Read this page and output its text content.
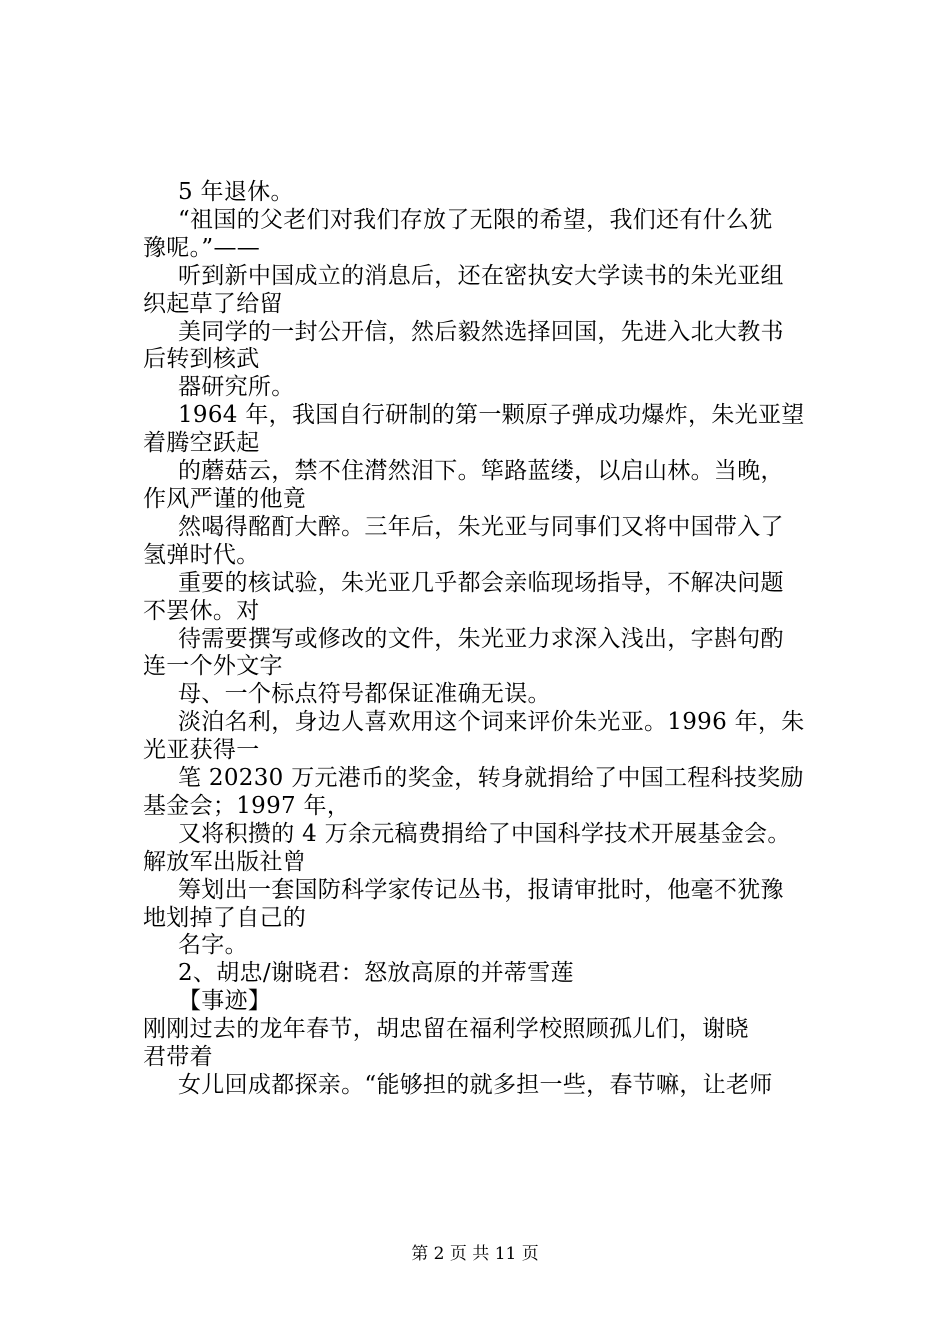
5 年退休。
“祖国的父老们对我们存放了无限的希望，我们还有什么犹
豫呢。”——
听到新中国成立的消息后，还在密执安大学读书的朱光亚组
织起草了给留
美同学的一封公开信，然后毅然选择回国，先进入北大教书
后转到核武
器研究所。
1964 年，我国自行研制的第一颗原子弹成功爆炸，朱光亚望
着腾空跃起
的蘑菇云，禁不住潸然泪下。筚路蓝缕，以启山林。当晚，
作风严谨的他竟
然喝得酩酊大醉。三年后，朱光亚与同事们又将中国带入了
氢弹时代。
重要的核试验，朱光亚几乎都会亲临现场指导，不解决问题
不罢休。对
待需要撰写或修改的文件，朱光亚力求深入浅出，字斟句酌
连一个外文字
母、一个标点符号都保证准确无误。
淡泊名利，身边人喜欢用这个词来评价朱光亚。1996 年，朱
光亚获得一
笔 20230 万元港币的奖金，转身就捐给了中国工程科技奖励
基金会；1997 年，
又将积攒的 4 万余元稿费捐给了中国科学技术开展基金会。
解放军出版社曾
筹划出一套国防科学家传记丛书，报请审批时，他毫不犹豫
地划掉了自己的
名字。
2、胡忠/谢晓君：怒放高原的并蒂雪莲
【事迹】
刚刚过去的龙年春节，胡忠留在福利学校照顾孤儿们，谢晓
君带着
女儿回成都探亲。“能够担的就多担一些，春节嘛，让老师
第 2 页 共 11 页
